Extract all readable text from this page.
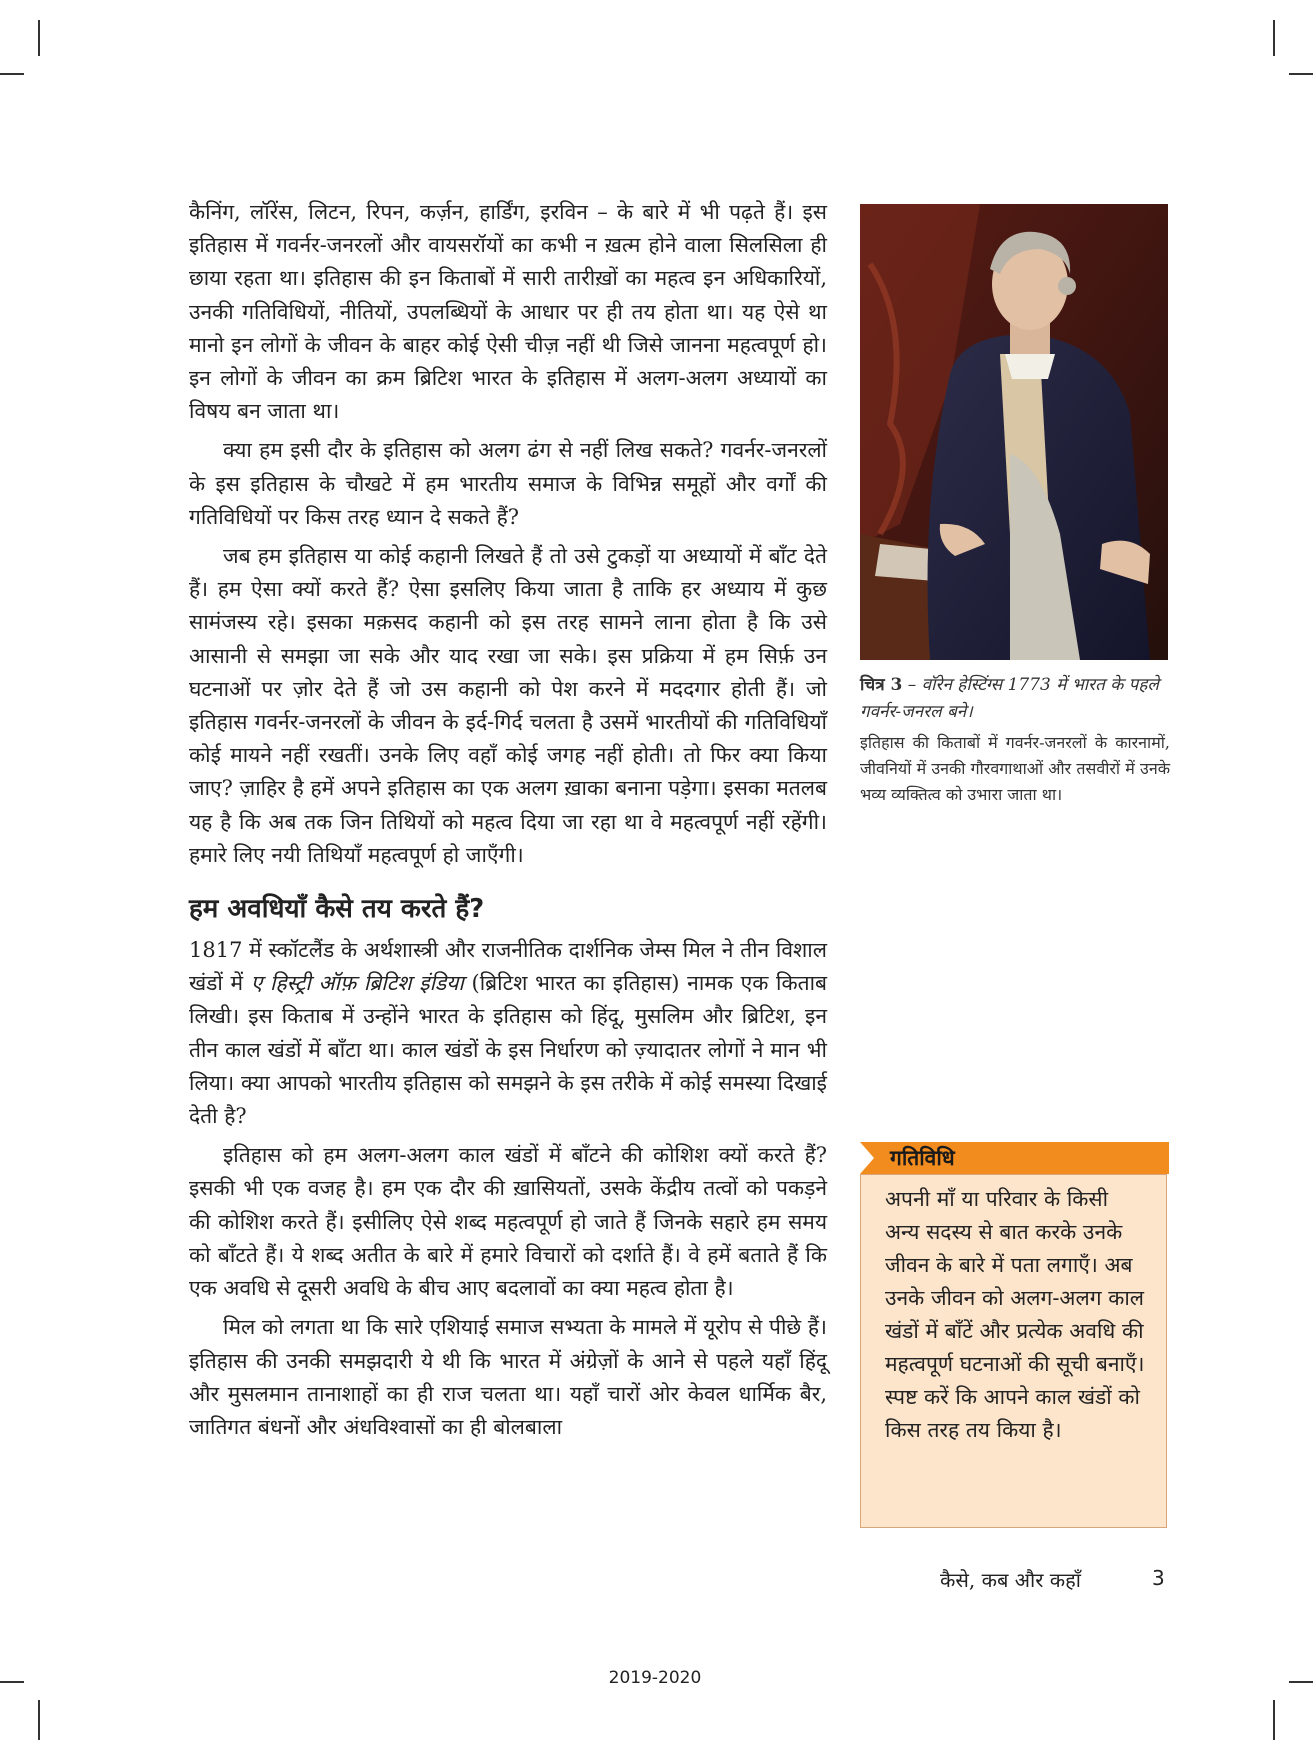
कैनिंग, लॉरेंस, लिटन, रिपन, कर्ज़न, हार्डिंग, इरविन – के बारे में भी पढ़ते हैं। इस इतिहास में गवर्नर-जनरलों और वायसरॉयों का कभी न ख़त्म होने वाला सिलसिला ही छाया रहता था। इतिहास की इन किताबों में सारी तारीख़ों का महत्व इन अधिकारियों, उनकी गतिविधियों, नीतियों, उपलब्धियों के आधार पर ही तय होता था। यह ऐसे था मानो इन लोगों के जीवन के बाहर कोई ऐसी चीज़ नहीं थी जिसे जानना महत्वपूर्ण हो। इन लोगों के जीवन का क्रम ब्रिटिश भारत के इतिहास में अलग-अलग अध्यायों का विषय बन जाता था।

क्या हम इसी दौर के इतिहास को अलग ढंग से नहीं लिख सकते? गवर्नर-जनरलों के इस इतिहास के चौखटे में हम भारतीय समाज के विभिन्न समूहों और वर्गों की गतिविधियों पर किस तरह ध्यान दे सकते हैं?

जब हम इतिहास या कोई कहानी लिखते हैं तो उसे टुकड़ों या अध्यायों में बाँट देते हैं। हम ऐसा क्यों करते हैं? ऐसा इसलिए किया जाता है ताकि हर अध्याय में कुछ सामंजस्य रहे। इसका मक़सद कहानी को इस तरह सामने लाना होता है कि उसे आसानी से समझा जा सके और याद रखा जा सके। इस प्रक्रिया में हम सिर्फ़ उन घटनाओं पर ज़ोर देते हैं जो उस कहानी को पेश करने में मददगार होती हैं। जो इतिहास गवर्नर-जनरलों के जीवन के इर्द-गिर्द चलता है उसमें भारतीयों की गतिविधियाँ कोई मायने नहीं रखतीं। उनके लिए वहाँ कोई जगह नहीं होती। तो फिर क्या किया जाए? ज़ाहिर है हमें अपने इतिहास का एक अलग ख़ाका बनाना पड़ेगा। इसका मतलब यह है कि अब तक जिन तिथियों को महत्व दिया जा रहा था वे महत्वपूर्ण नहीं रहेंगी। हमारे लिए नयी तिथियाँ महत्वपूर्ण हो जाएँगी।

हम अवधियाँ कैसे तय करते हैं?

1817 में स्कॉटलैंड के अर्थशास्त्री और राजनीतिक दार्शनिक जेम्स मिल ने तीन विशाल खंडों में ए हिस्ट्री ऑफ़ ब्रिटिश इंडिया (ब्रिटिश भारत का इतिहास) नामक एक किताब लिखी। इस किताब में उन्होंने भारत के इतिहास को हिंदू, मुसलिम और ब्रिटिश, इन तीन काल खंडों में बाँटा था। काल खंडों के इस निर्धारण को ज़्यादातर लोगों ने मान भी लिया। क्या आपको भारतीय इतिहास को समझने के इस तरीके में कोई समस्या दिखाई देती है?

इतिहास को हम अलग-अलग काल खंडों में बाँटने की कोशिश क्यों करते हैं? इसकी भी एक वजह है। हम एक दौर की ख़ासियतों, उसके केंद्रीय तत्वों को पकड़ने की कोशिश करते हैं। इसीलिए ऐसे शब्द महत्वपूर्ण हो जाते हैं जिनके सहारे हम समय को बाँटते हैं। ये शब्द अतीत के बारे में हमारे विचारों को दर्शाते हैं। वे हमें बताते हैं कि एक अवधि से दूसरी अवधि के बीच आए बदलावों का क्या महत्व होता है।

मिल को लगता था कि सारे एशियाई समाज सभ्यता के मामले में यूरोप से पीछे हैं। इतिहास की उनकी समझदारी ये थी कि भारत में अंग्रेज़ों के आने से पहले यहाँ हिंदू और मुसलमान तानाशाहों का ही राज चलता था। यहाँ चारों ओर केवल धार्मिक बैर, जातिगत बंधनों और अंधविश्वासों का ही बोलबाला

चित्र 3 – वॉरेन हेस्टिंग्स 1773 में भारत के पहले गवर्नर-जनरल बने।
इतिहास की किताबों में गवर्नर-जनरलों के कारनामों, जीवनियों में उनकी गौरवगाथाओं और तसवीरों में उनके भव्य व्यक्तित्व को उभारा जाता था।
गतिविधि
अपनी माँ या परिवार के किसी अन्य सदस्य से बात करके उनके जीवन के बारे में पता लगाएँ। अब उनके जीवन को अलग-अलग काल खंडों में बाँटें और प्रत्येक अवधि की महत्वपूर्ण घटनाओं की सूची बनाएँ। स्पष्ट करें कि आपने काल खंडों को किस तरह तय किया है।
कैसे, कब और कहाँ	3
2019-2020
